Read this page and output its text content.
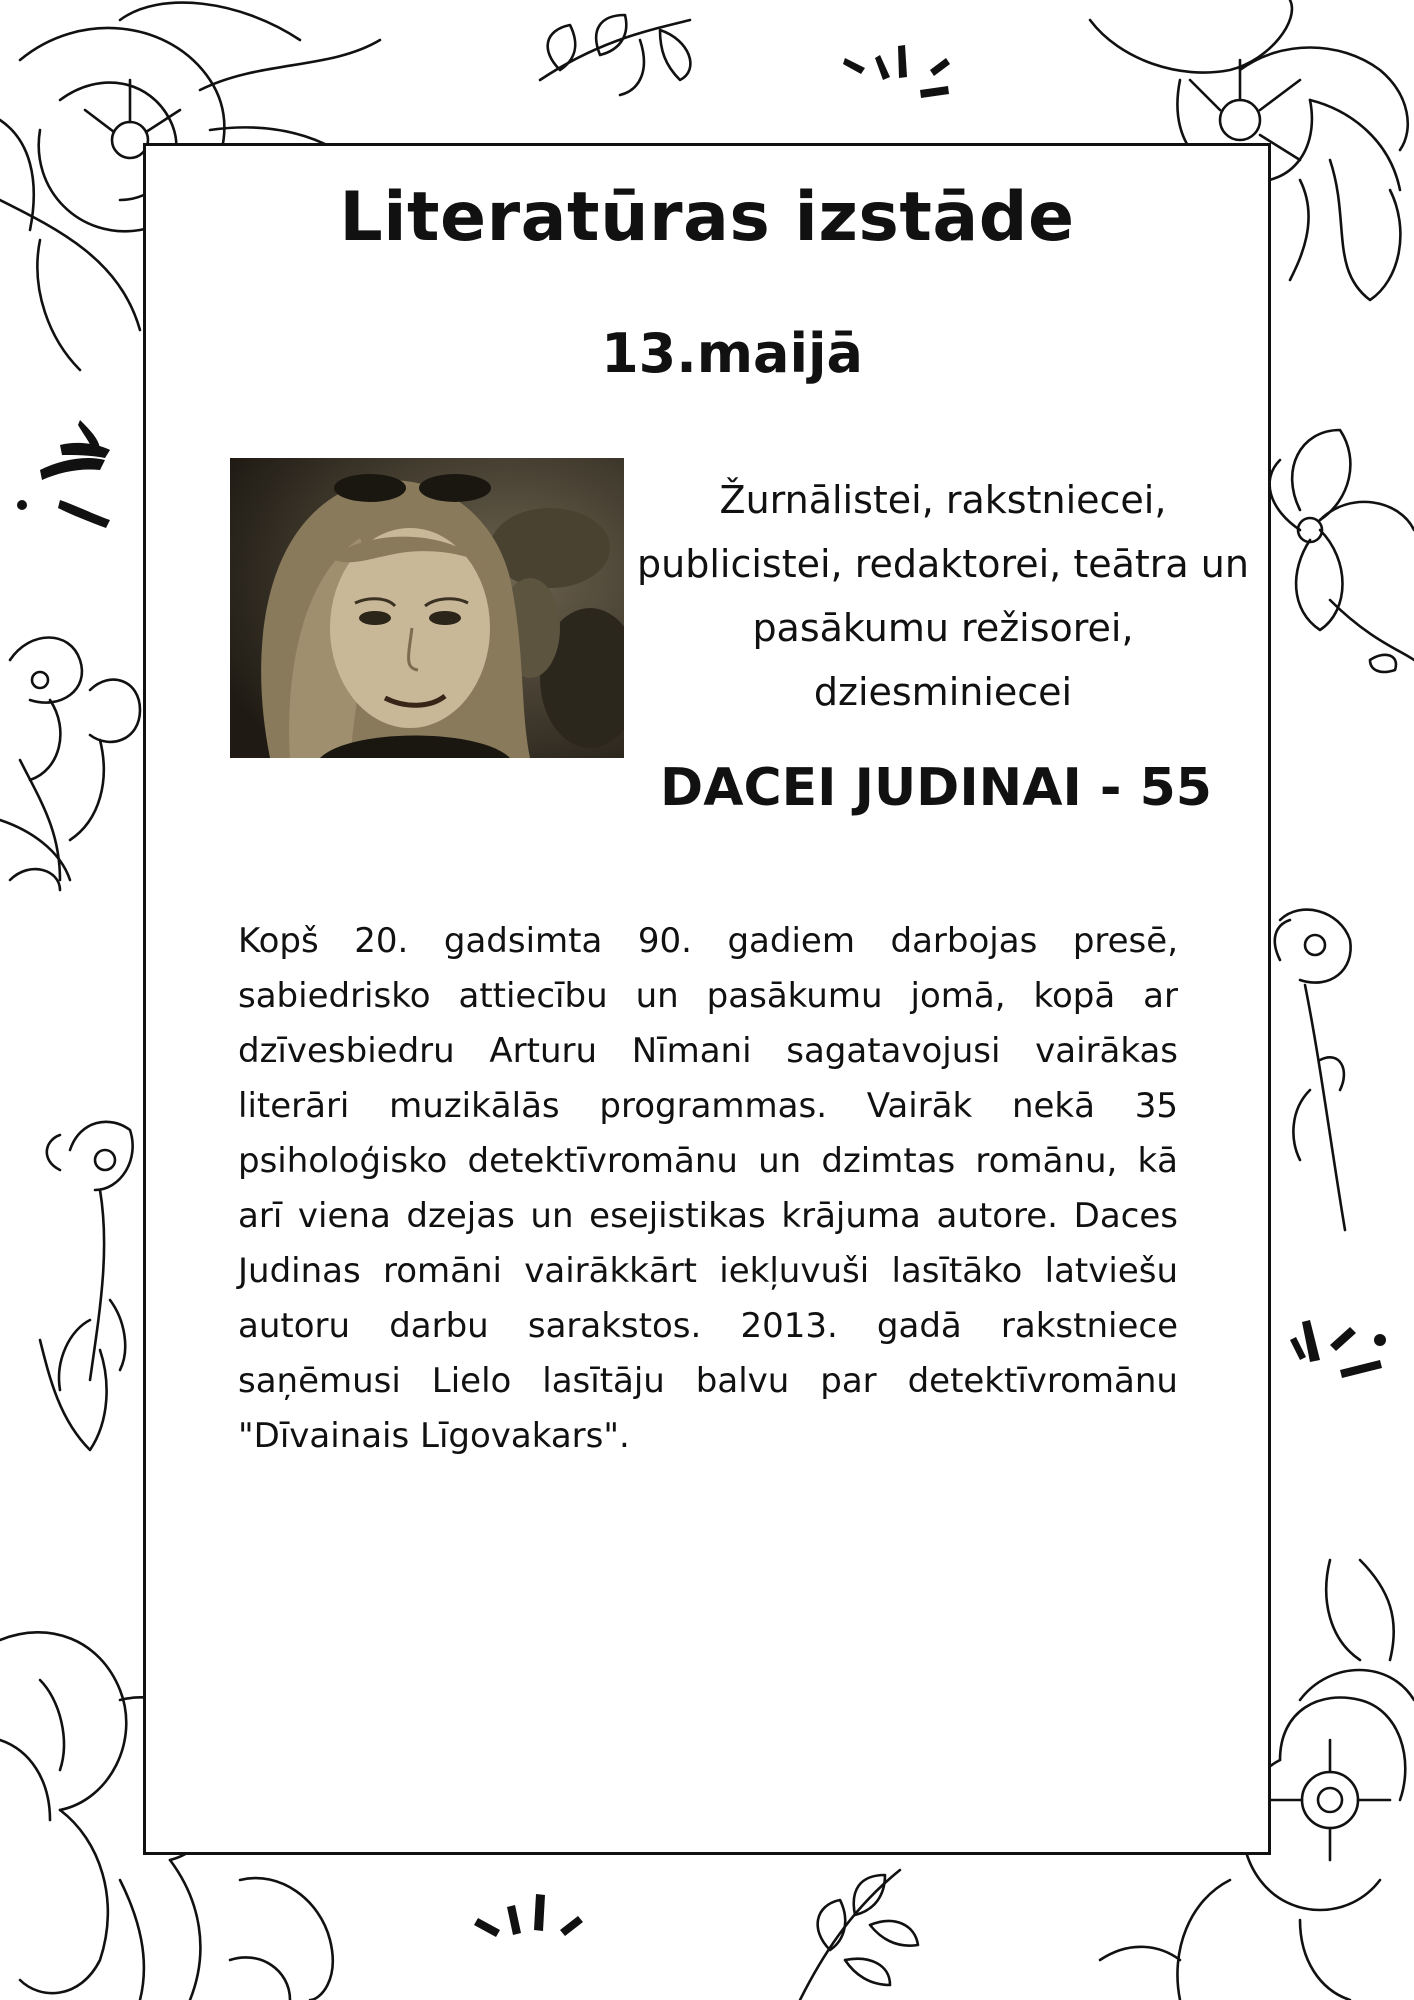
Literatūras izstāde
13.maijā
Žurnālistei, rakstniecei, publicistei, redaktorei, teātra un pasākumu režisorei, dziesminiecei
DACEI JUDINAI - 55

Kopš 20. gadsimta 90. gadiem darbojas presē, sabiedrisko attiecību un pasākumu jomā, kopā ar dzīvesbiedru Arturu Nīmani sagatavojusi vairākas literāri muzikālās programmas. Vairāk nekā 35 psiholoģisko detektīvromānu un dzimtas romānu, kā arī viena dzejas un esejistikas krājuma autore. Daces Judinas romāni vairākkārt iekļuvuši lasītāko latviešu autoru darbu sarakstos. 2013. gadā rakstniece saņēmusi Lielo lasītāju balvu par detektīvromānu "Dīvainais Līgovakars".
